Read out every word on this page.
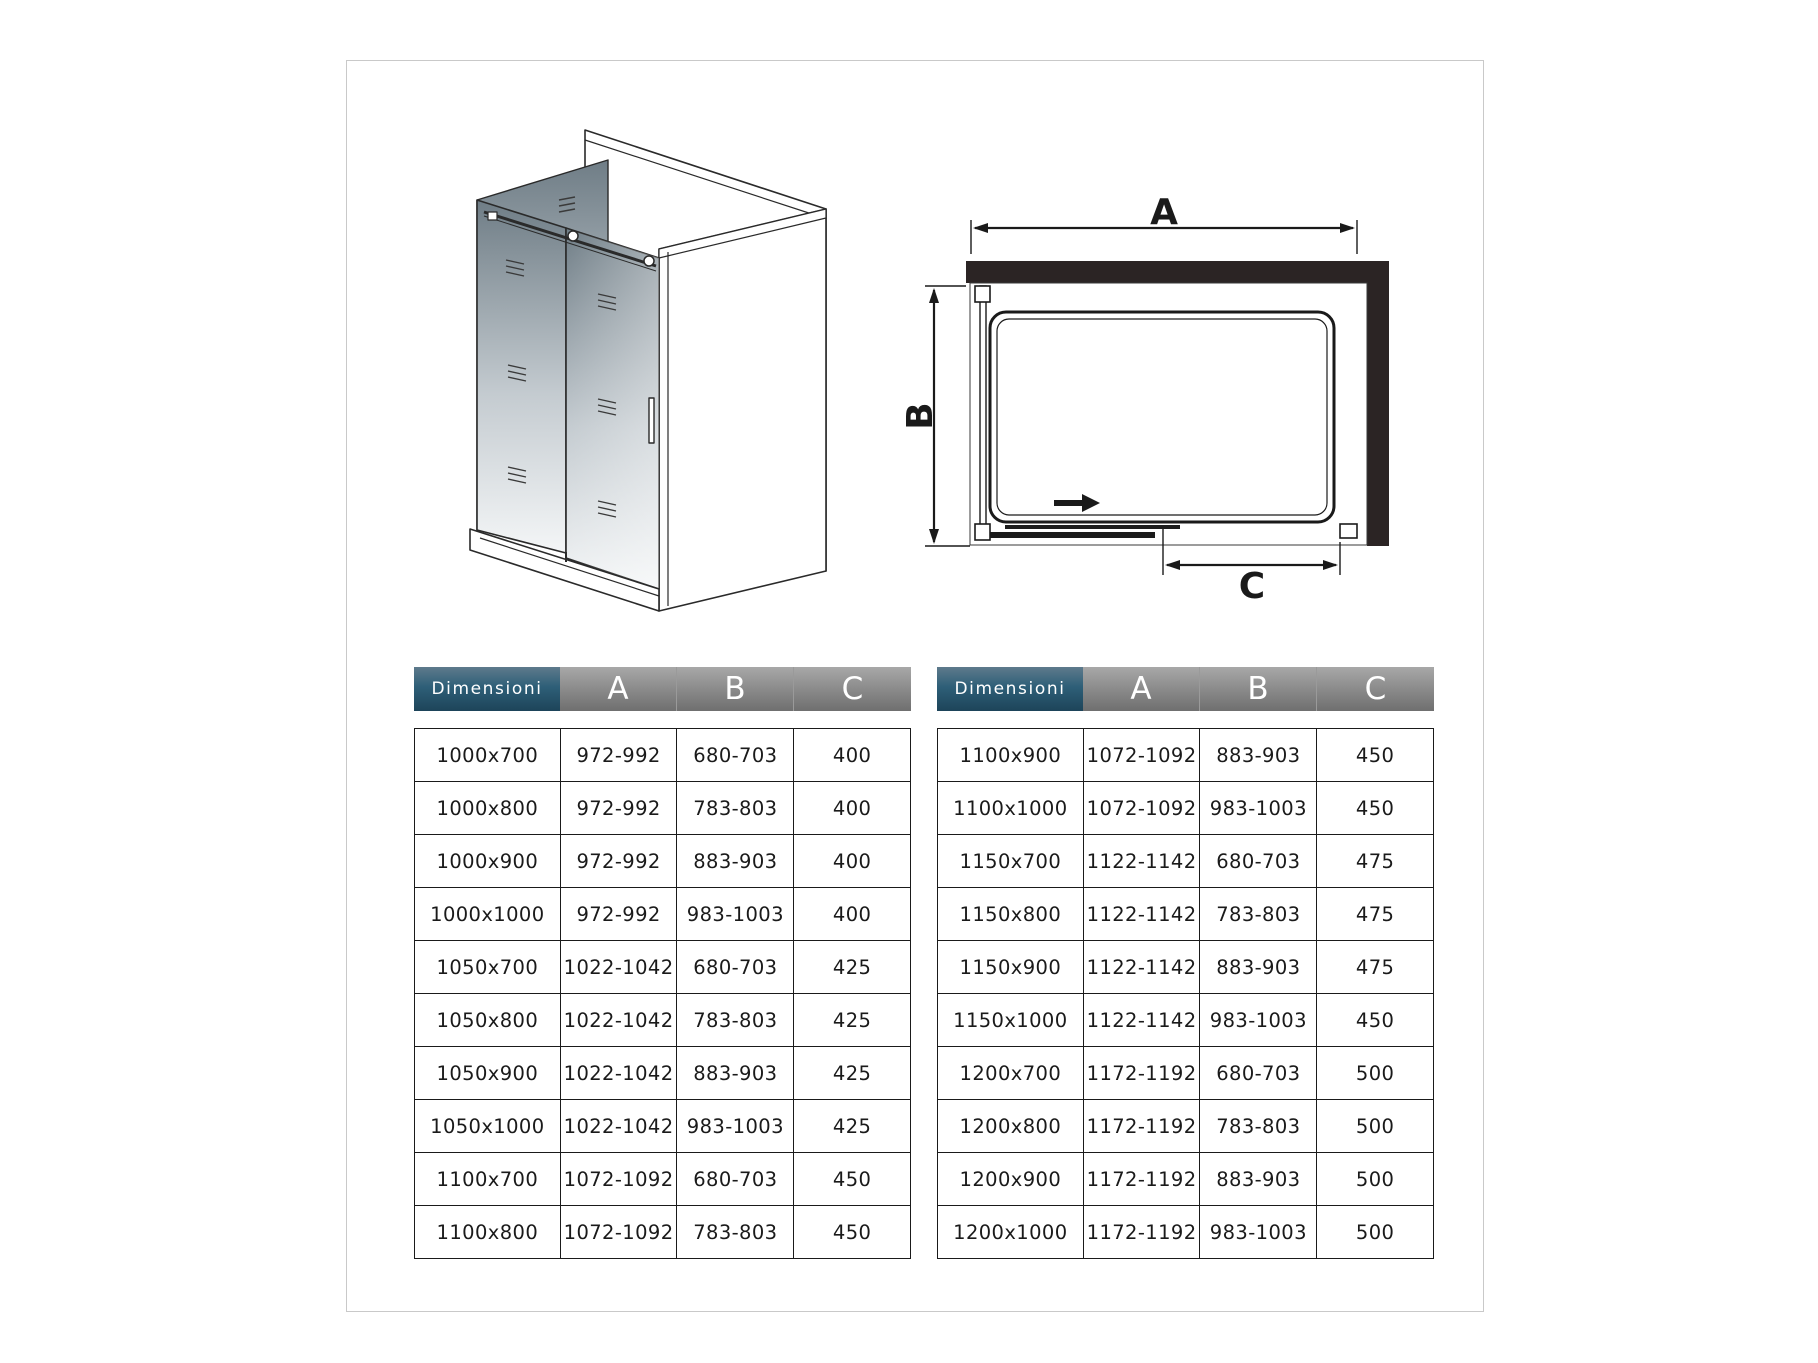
A
B
C
Dimensioni	A	B	C
1000x700	972-992	680-703	400
1000x800	972-992	783-803	400
1000x900	972-992	883-903	400
1000x1000	972-992	983-1003	400
1050x700	1022-1042	680-703	425
1050x800	1022-1042	783-803	425
1050x900	1022-1042	883-903	425
1050x1000 1022-1042 983-1003	425
1100x700	1072-1092	680-703	450
1100x800	1072-1092	783-803	450
Dimensioni	A	B	C
1100x900	1072-1092	883-903	450
1100x1000 1072-1092 983-1003	450
1150x700	1122-1142	680-703	475
1150x800	1122-1142	783-803	475
1150x900	1122-1142	883-903	475
1150x1000 1122-1142 983-1003	450
1200x700	1172-1192	680-703	500
1200x800	1172-1192	783-803	500
1200x900	1172-1192	883-903	500
1200x1000 1172-1192 983-1003	500
